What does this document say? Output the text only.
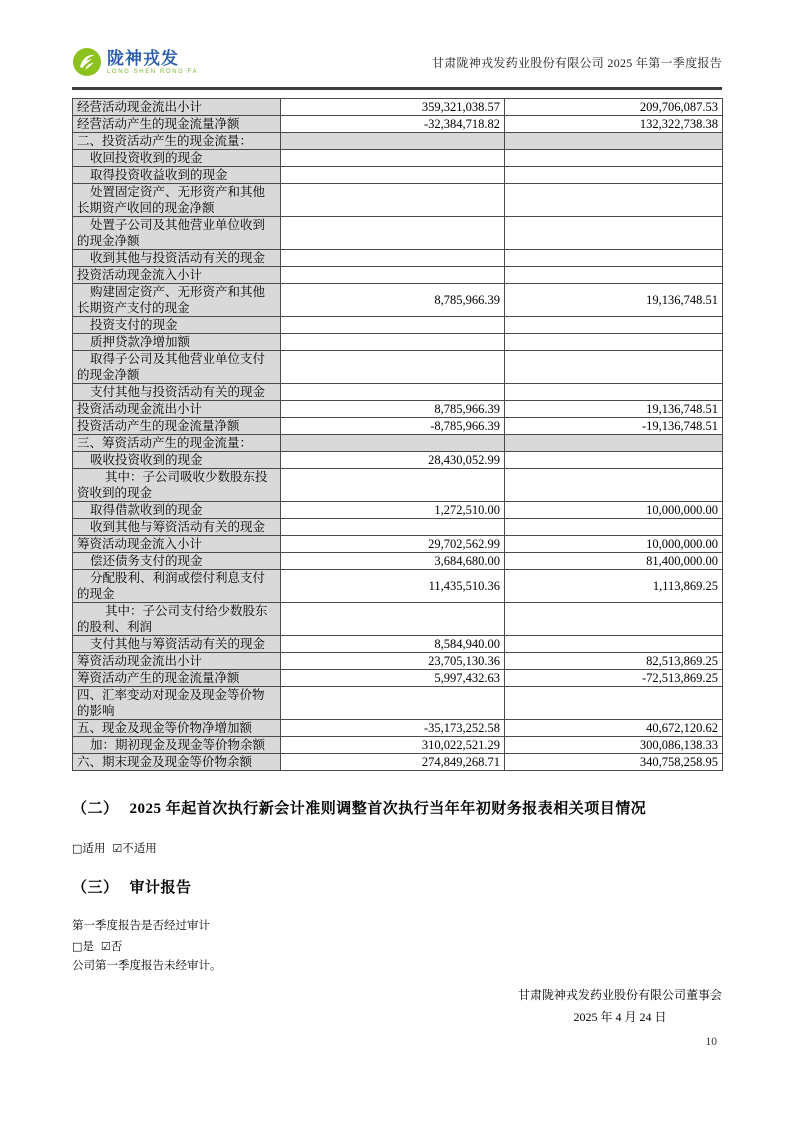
陇神戎发
LONG SHEN RONG FA
甘肃陇神戎发药业股份有限公司 2025 年第一季度报告
经营活动现金流出小计	359,321,038.57	209,706,087.53
经营活动产生的现金流量净额	-32,384,718.82	132,322,738.38
二、投资活动产生的现金流量：		
收回投资收到的现金		
取得投资收益收到的现金		
处置固定资产、无形资产和其他长期资产收回的现金净额		
处置子公司及其他营业单位收到的现金净额		
收到其他与投资活动有关的现金		
投资活动现金流入小计		
购建固定资产、无形资产和其他长期资产支付的现金	8,785,966.39	19,136,748.51
投资支付的现金		
质押贷款净增加额		
取得子公司及其他营业单位支付的现金净额		
支付其他与投资活动有关的现金		
投资活动现金流出小计	8,785,966.39	19,136,748.51
投资活动产生的现金流量净额	-8,785,966.39	-19,136,748.51
三、筹资活动产生的现金流量：		
吸收投资收到的现金	28,430,052.99	
其中：子公司吸收少数股东投资收到的现金		
取得借款收到的现金	1,272,510.00	10,000,000.00
收到其他与筹资活动有关的现金		
筹资活动现金流入小计	29,702,562.99	10,000,000.00
偿还债务支付的现金	3,684,680.00	81,400,000.00
分配股利、利润或偿付利息支付的现金	11,435,510.36	1,113,869.25
其中：子公司支付给少数股东的股利、利润		
支付其他与筹资活动有关的现金	8,584,940.00	
筹资活动现金流出小计	23,705,130.36	82,513,869.25
筹资活动产生的现金流量净额	5,997,432.63	-72,513,869.25
四、汇率变动对现金及现金等价物的影响		
五、现金及现金等价物净增加额	-35,173,252.58	40,672,120.62
加：期初现金及现金等价物余额	310,022,521.29	300,086,138.33
六、期末现金及现金等价物余额	274,849,268.71	340,758,258.95
（二） 2025 年起首次执行新会计准则调整首次执行当年年初财务报表相关项目情况
□适用 ☑不适用
（三） 审计报告
第一季度报告是否经过审计
□是 ☑否
公司第一季度报告未经审计。
甘肃陇神戎发药业股份有限公司董事会
2025 年 4 月 24 日
10
